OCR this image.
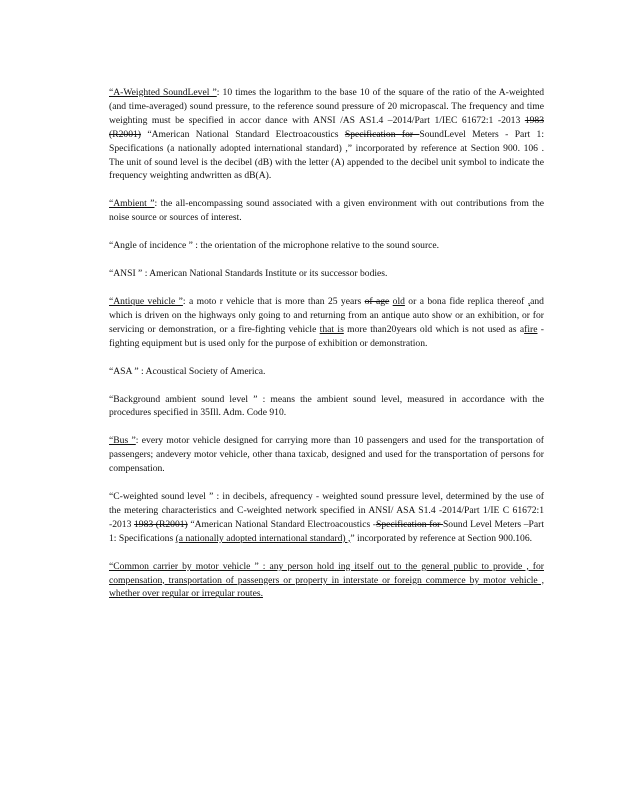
“A-Weighted SoundLevel ”: 10 times the logarithm to the base 10 of the square of the ratio of the A-weighted (and time-averaged) sound pressure, to the reference sound pressure of 20 micropascal. The frequency and time weighting must be specified in accor dance with ANSI /AS AS1.4 –2014/Part 1/IEC 61672:1 -2013 1983 (R2001) “American National Standard Electroacoustics Specification for SoundLevel Meters - Part 1: Specifications (a nationally adopted international standard) ,” incorporated by reference at Section 900. 106 . The unit of sound level is the decibel (dB) with the letter (A) appended to the decibel unit symbol to indicate the frequency weighting andwritten as dB(A).

“Ambient ”: the all-encompassing sound associated with a given environment with out contributions from the noise source or sources of interest.

“Angle of incidence ” : the orientation of the microphone relative to the sound source.

“ANSI ” : American National Standards Institute or its successor bodies.

“Antique vehicle ”: a moto r vehicle that is more than 25 years of age old or a bona fide replica thereof ,and which is driven on the highways only going to and returning from an antique auto show or an exhibition, or for servicing or demonstration, or a fire-fighting vehicle that is more than20years old which is not used as afire -fighting equipment but is used only for the purpose of exhibition or demonstration.

“ASA ” : Acoustical Society of America.

“Background ambient sound level ” : means the ambient sound level, measured in accordance with the procedures specified in 35Ill. Adm. Code 910.

“Bus ”: every motor vehicle designed for carrying more than 10 passengers and used for the transportation of passengers; andevery motor vehicle, other thana taxicab, designed and used for the transportation of persons for compensation.

“C-weighted sound level ” : in decibels, afrequency - weighted sound pressure level, determined by the use of the metering characteristics and C-weighted network specified in ANSI/ ASA S1.4 -2014/Part 1/IE C 61672:1 -2013 1983 (R2001) “American National Standard Electroacoustics -Specification for Sound Level Meters –Part 1: Specifications (a nationally adopted international standard) ,” incorporated by reference at Section 900.106.

“Common carrier by motor vehicle ” : any person hold ing itself out to the general public to provide , for compensation, transportation of passengers or property in interstate or foreign commerce by motor vehicle , whether over regular or irregular routes.
